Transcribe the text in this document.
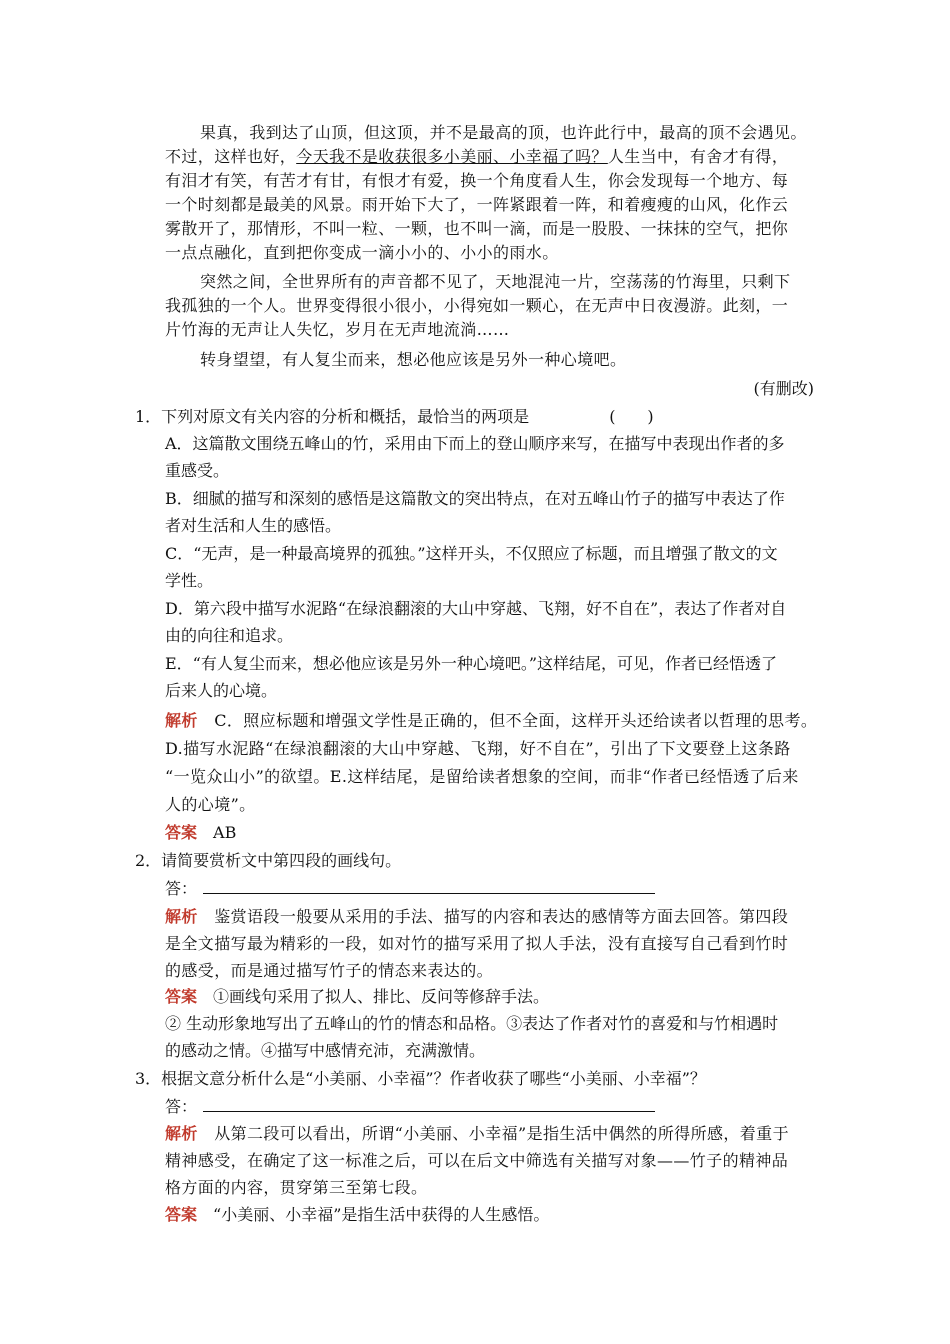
果真，我到达了山顶，但这顶，并不是最高的顶，也许此行中，最高的顶不会遇见。
不过，这样也好，今天我不是收获很多小美丽、小幸福了吗？人生当中，有舍才有得，
有泪才有笑，有苦才有甘，有恨才有爱，换一个角度看人生，你会发现每一个地方、每
一个时刻都是最美的风景。雨开始下大了，一阵紧跟着一阵，和着瘦瘦的山风，化作云
雾散开了，那情形，不叫一粒、一颗，也不叫一滴，而是一股股、一抹抹的空气，把你
一点点融化，直到把你变成一滴小小的、小小的雨水。
突然之间，全世界所有的声音都不见了，天地混沌一片，空荡荡的竹海里，只剩下
我孤独的一个人。世界变得很小很小，小得宛如一颗心，在无声中日夜漫游。此刻，一
片竹海的无声让人失忆，岁月在无声地流淌……
转身望望，有人复尘而来，想必他应该是另外一种心境吧。
(有删改)
1．下列对原文有关内容的分析和概括，最恰当的两项是	(　　)
A．这篇散文围绕五峰山的竹，采用由下而上的登山顺序来写，在描写中表现出作者的多
重感受。
B．细腻的描写和深刻的感悟是这篇散文的突出特点，在对五峰山竹子的描写中表达了作
者对生活和人生的感悟。
C．“无声，是一种最高境界的孤独。”这样开头，不仅照应了标题，而且增强了散文的文
学性。
D．第六段中描写水泥路“在绿浪翻滚的大山中穿越、飞翔，好不自在”，表达了作者对自
由的向往和追求。
E．“有人复尘而来，想必他应该是另外一种心境吧。”这样结尾，可见，作者已经悟透了
后来人的心境。
解析　 C．照应标题和增强文学性是正确的，但不全面，这样开头还给读者以哲理的思考。
D.描写水泥路“在绿浪翻滚的大山中穿越、飞翔，好不自在”，引出了下文要登上这条路
“一览众山小”的欲望。E.这样结尾，是留给读者想象的空间，而非“作者已经悟透了后来
人的心境”。
答案　 AB
2．请简要赏析文中第四段的画线句。
答：
解析　 鉴赏语段一般要从采用的手法、描写的内容和表达的感情等方面去回答。第四段
是全文描写最为精彩的一段，如对竹的描写采用了拟人手法，没有直接写自己看到竹时
的感受，而是通过描写竹子的情态来表达的。
答案　 ①画线句采用了拟人、排比、反问等修辞手法。
② 生动形象地写出了五峰山的竹的情态和品格。③表达了作者对竹的喜爱和与竹相遇时
的感动之情。④描写中感情充沛，充满激情。
3．根据文意分析什么是“小美丽、小幸福”？作者收获了哪些“小美丽、小幸福”？
答：
解析　 从第二段可以看出，所谓“小美丽、小幸福”是指生活中偶然的所得所感，着重于
精神感受，在确定了这一标准之后，可以在后文中筛选有关描写对象——竹子的精神品
格方面的内容，贯穿第三至第七段。
答案　 “小美丽、小幸福”是指生活中获得的人生感悟。
